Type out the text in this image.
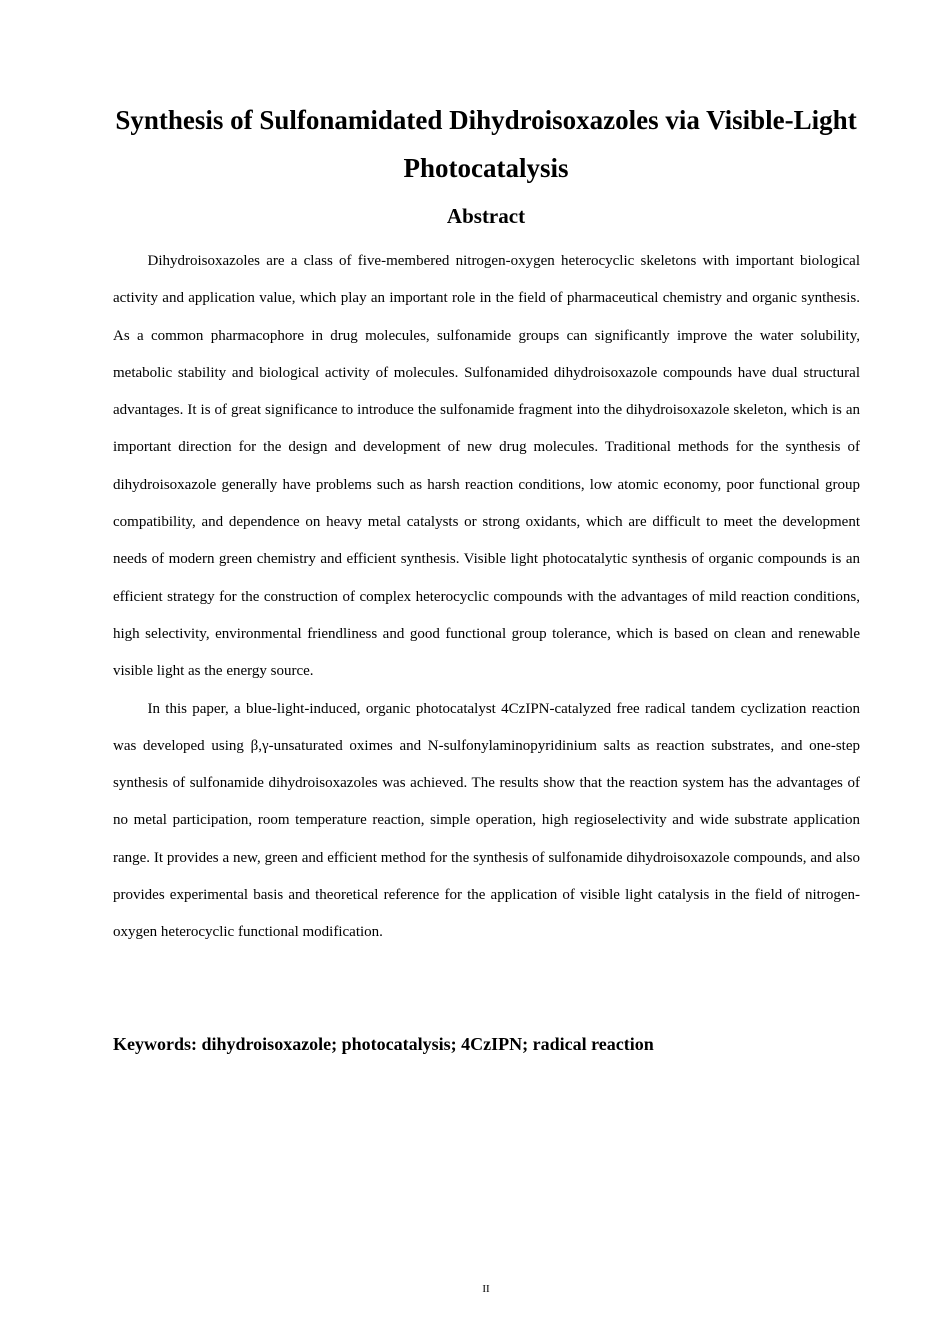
Synthesis of Sulfonamidated Dihydroisoxazoles via Visible-Light Photocatalysis
Abstract

Dihydroisoxazoles are a class of five-membered nitrogen-oxygen heterocyclic skeletons with important biological activity and application value, which play an important role in the field of pharmaceutical chemistry and organic synthesis. As a common pharmacophore in drug molecules, sulfonamide groups can significantly improve the water solubility, metabolic stability and biological activity of molecules. Sulfonamided dihydroisoxazole compounds have dual structural advantages. It is of great significance to introduce the sulfonamide fragment into the dihydroisoxazole skeleton, which is an important direction for the design and development of new drug molecules. Traditional methods for the synthesis of dihydroisoxazole generally have problems such as harsh reaction conditions, low atomic economy, poor functional group compatibility, and dependence on heavy metal catalysts or strong oxidants, which are difficult to meet the development needs of modern green chemistry and efficient synthesis. Visible light photocatalytic synthesis of organic compounds is an efficient strategy for the construction of complex heterocyclic compounds with the advantages of mild reaction conditions, high selectivity, environmental friendliness and good functional group tolerance, which is based on clean and renewable visible light as the energy source.

In this paper, a blue-light-induced, organic photocatalyst 4CzIPN-catalyzed free radical tandem cyclization reaction was developed using β,γ-unsaturated oximes and N-sulfonylaminopyridinium salts as reaction substrates, and one-step synthesis of sulfonamide dihydroisoxazoles was achieved. The results show that the reaction system has the advantages of no metal participation, room temperature reaction, simple operation, high regioselectivity and wide substrate application range. It provides a new, green and efficient method for the synthesis of sulfonamide dihydroisoxazole compounds, and also provides experimental basis and theoretical reference for the application of visible light catalysis in the field of nitrogen-oxygen heterocyclic functional modification.

Keywords: dihydroisoxazole; photocatalysis; 4CzIPN; radical reaction

II
